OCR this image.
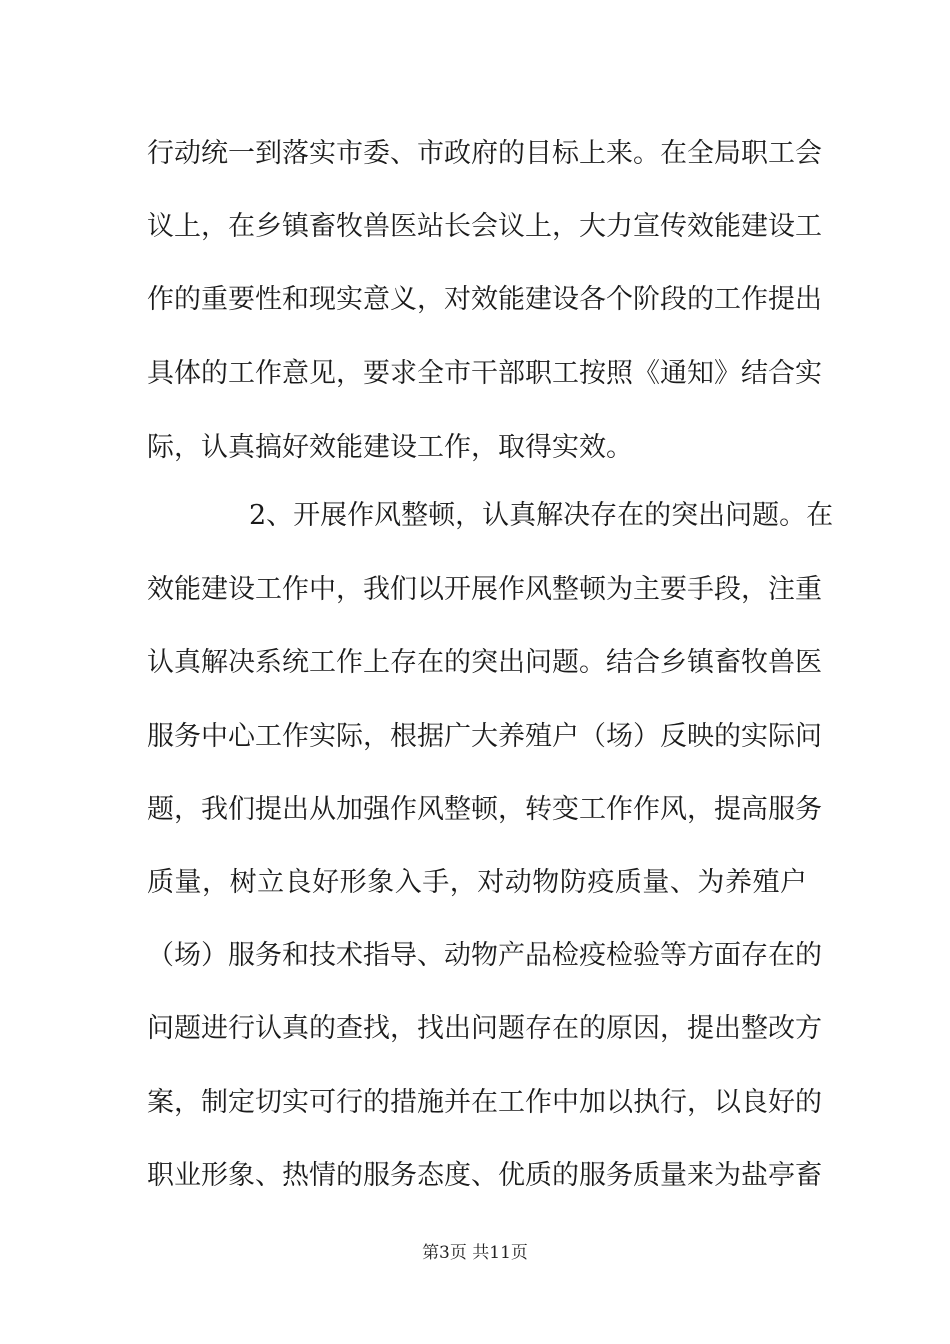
行动统一到落实市委、市政府的目标上来。在全局职工会
议上，在乡镇畜牧兽医站长会议上，大力宣传效能建设工
作的重要性和现实意义，对效能建设各个阶段的工作提出
具体的工作意见，要求全市干部职工按照《通知》结合实
际，认真搞好效能建设工作，取得实效。
2、开展作风整顿，认真解决存在的突出问题。在
效能建设工作中，我们以开展作风整顿为主要手段，注重
认真解决系统工作上存在的突出问题。结合乡镇畜牧兽医
服务中心工作实际，根据广大养殖户（场）反映的实际问
题，我们提出从加强作风整顿，转变工作作风，提高服务
质量，树立良好形象入手，对动物防疫质量、为养殖户
（场）服务和技术指导、动物产品检疫检验等方面存在的
问题进行认真的查找，找出问题存在的原因，提出整改方
案，制定切实可行的措施并在工作中加以执行，以良好的
职业形象、热情的服务态度、优质的服务质量来为盐亭畜
第3页 共11页
